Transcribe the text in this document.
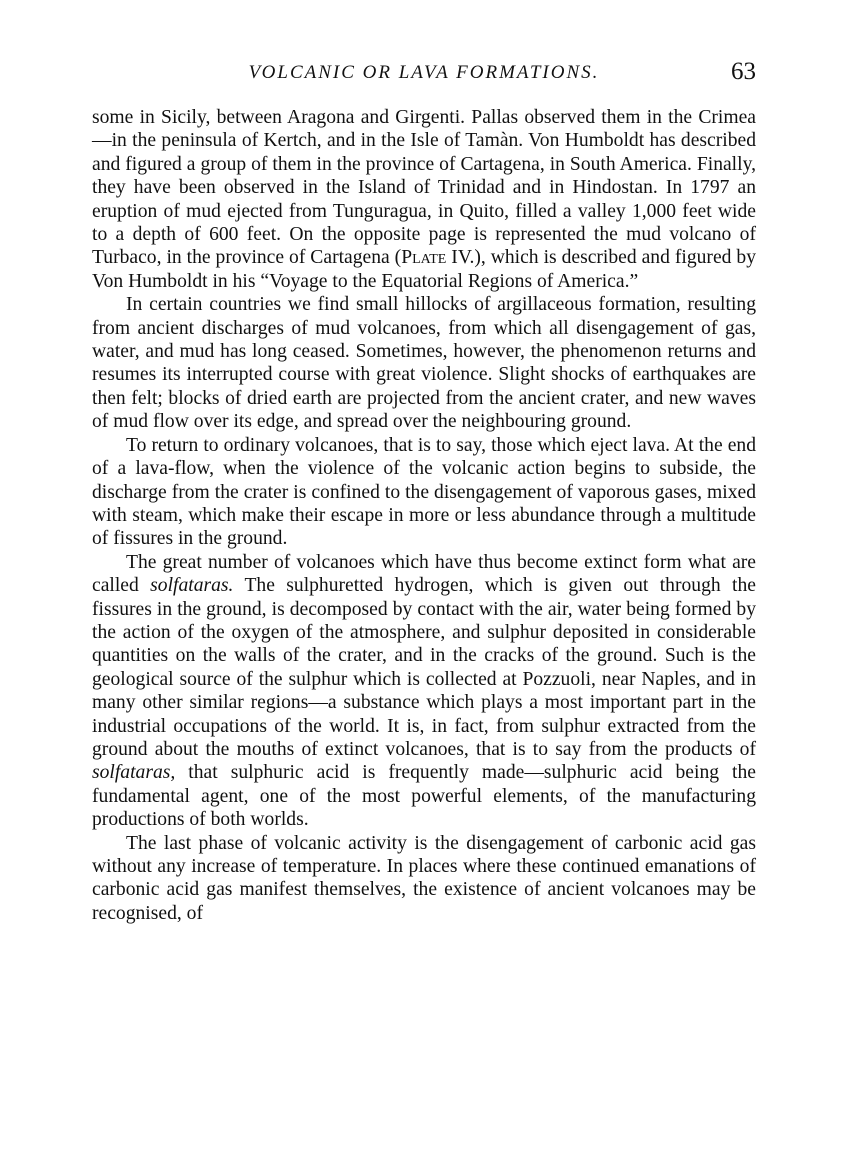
VOLCANIC OR LAVA FORMATIONS.	63

some in Sicily, between Aragona and Girgenti. Pallas observed them in the Crimea—in the peninsula of Kertch, and in the Isle of Tamàn. Von Humboldt has described and figured a group of them in the province of Cartagena, in South America. Finally, they have been observed in the Island of Trinidad and in Hindostan. In 1797 an eruption of mud ejected from Tunguragua, in Quito, filled a valley 1,000 feet wide to a depth of 600 feet. On the opposite page is represented the mud volcano of Turbaco, in the province of Cartagena (Plate IV.), which is described and figured by Von Humboldt in his “Voyage to the Equatorial Regions of America.”

In certain countries we find small hillocks of argillaceous formation, resulting from ancient discharges of mud volcanoes, from which all disengagement of gas, water, and mud has long ceased. Sometimes, however, the phenomenon returns and resumes its interrupted course with great violence. Slight shocks of earthquakes are then felt; blocks of dried earth are projected from the ancient crater, and new waves of mud flow over its edge, and spread over the neighbouring ground.

To return to ordinary volcanoes, that is to say, those which eject lava. At the end of a lava-flow, when the violence of the volcanic action begins to subside, the discharge from the crater is confined to the disengagement of vaporous gases, mixed with steam, which make their escape in more or less abundance through a multitude of fissures in the ground.

The great number of volcanoes which have thus become extinct form what are called solfataras. The sulphuretted hydrogen, which is given out through the fissures in the ground, is decomposed by contact with the air, water being formed by the action of the oxygen of the atmosphere, and sulphur deposited in considerable quantities on the walls of the crater, and in the cracks of the ground. Such is the geological source of the sulphur which is collected at Pozzuoli, near Naples, and in many other similar regions—a substance which plays a most important part in the industrial occupations of the world. It is, in fact, from sulphur extracted from the ground about the mouths of extinct volcanoes, that is to say from the products of solfataras, that sulphuric acid is frequently made—sulphuric acid being the fundamental agent, one of the most powerful elements, of the manufacturing productions of both worlds.

The last phase of volcanic activity is the disengagement of carbonic acid gas without any increase of temperature. In places where these continued emanations of carbonic acid gas manifest themselves, the existence of ancient volcanoes may be recognised, of
